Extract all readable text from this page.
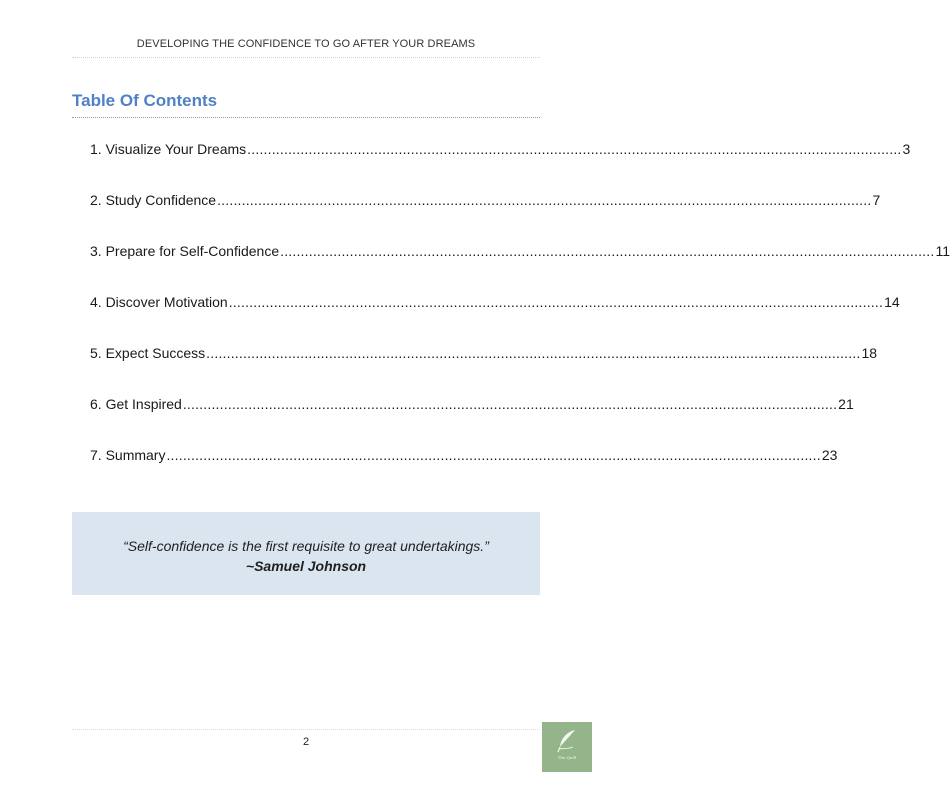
DEVELOPING THE CONFIDENCE TO GO AFTER YOUR DREAMS
Table Of Contents
1. Visualize Your Dreams ................................................................................................................................................................ 3
2. Study Confidence ................................................................................................................................................................ 7
3. Prepare for Self-Confidence ................................................................................................................................................................ 11
4. Discover Motivation ................................................................................................................................................................ 14
5. Expect Success ................................................................................................................................................................ 18
6. Get Inspired ................................................................................................................................................................ 21
7. Summary ................................................................................................................................................................ 23
“Self-confidence is the first requisite to great undertakings.”
~Samuel Johnson
2
The Quill
